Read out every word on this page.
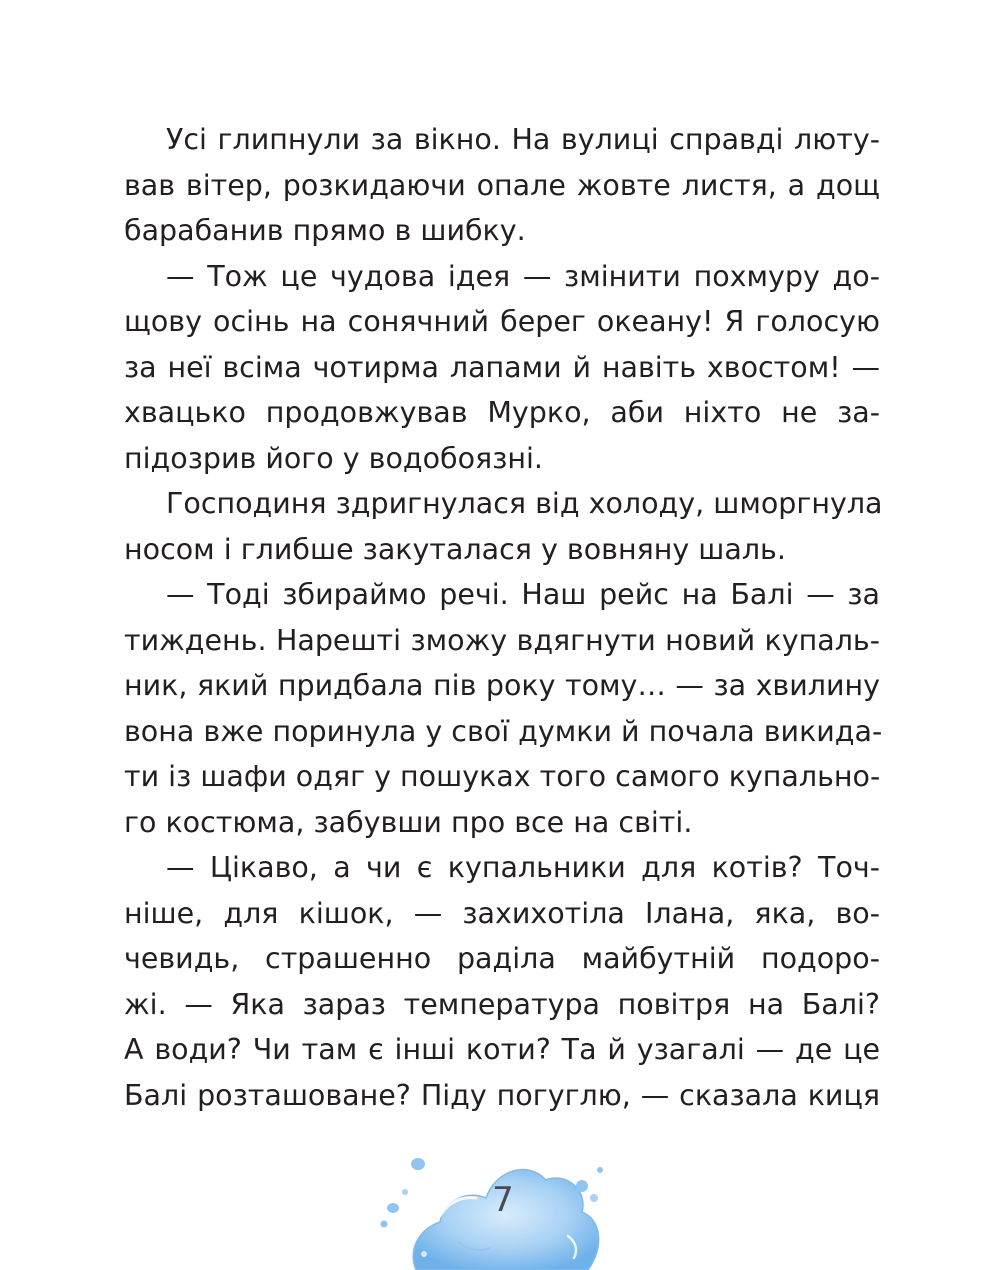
Усі глипнули за вікно. На вулиці справді люту-
вав вітер, розкидаючи опале жовте листя, а дощ
барабанив прямо в шибку.
— Тож це чудова ідея — змінити похмуру до-
щову осінь на сонячний берег океану! Я голосую
за неї всіма чотирма лапами й навіть хвостом! —
хвацько продовжував Мурко, аби ніхто не за-
підозрив його у водобоязні.
Господиня здригнулася від холоду, шморгнула
носом і глибше закуталася у вовняну шаль.
— Тоді збираймо речі. Наш рейс на Балі — за
тиждень. Нарешті зможу вдягнути новий купаль-
ник, який придбала пів року тому… — за хвилину
вона вже поринула у свої думки й почала викида-
ти із шафи одяг у пошуках того самого купально-
го костюма, забувши про все на світі.
— Цікаво, а чи є купальники для котів? Точ-
ніше, для кішок, — захихотіла Ілана, яка, во-
чевидь, страшенно раділа майбутній подоро-
жі. — Яка зараз температура повітря на Балі?
А води? Чи там є інші коти? Та й узагалі — де це
Балі розташоване? Піду погуглю, — сказала киця
7
